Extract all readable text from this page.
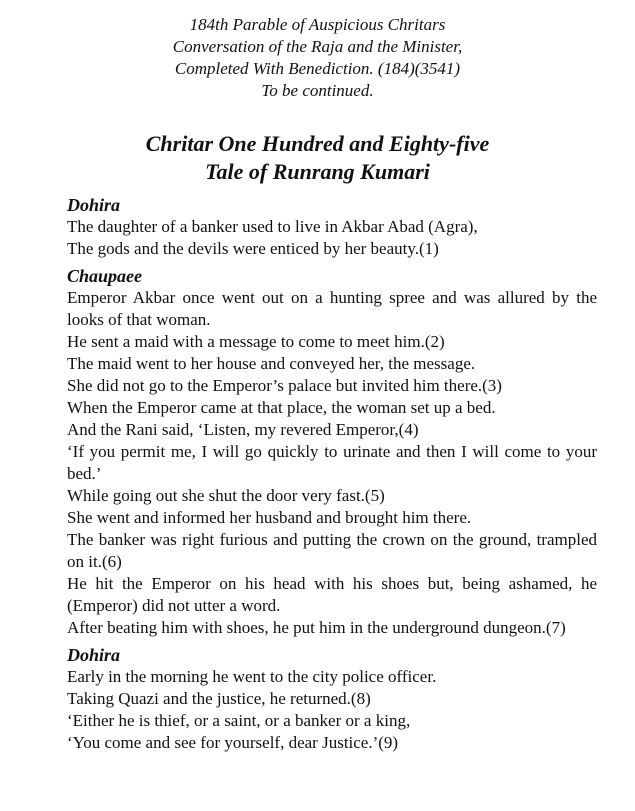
184th Parable of Auspicious Chritars
Conversation of the Raja and the Minister,
Completed With Benediction. (184)(3541)
To be continued.
Chritar One Hundred and Eighty-five
Tale of Runrang Kumari
Dohira
The daughter of a banker used to live in Akbar Abad (Agra),
The gods and the devils were enticed by her beauty.(1)
Chaupaee
Emperor Akbar once went out on a hunting spree and was allured by the looks of that woman.
He sent a maid with a message to come to meet him.(2)
The maid went to her house and conveyed her, the message.
She did not go to the Emperor’s palace but invited him there.(3)
When the Emperor came at that place, the woman set up a bed.
And the Rani said, ‘Listen, my revered Emperor,(4)
‘If you permit me, I will go quickly to urinate and then I will come to your bed.’
While going out she shut the door very fast.(5)
She went and informed her husband and brought him there.
The banker was right furious and putting the crown on the ground, trampled on it.(6)
He hit the Emperor on his head with his shoes but, being ashamed, he (Emperor) did not utter a word.
After beating him with shoes, he put him in the underground dungeon.(7)
Dohira
Early in the morning he went to the city police officer.
Taking Quazi and the justice, he returned.(8)
‘Either he is thief, or a saint, or a banker or a king,
‘You come and see for yourself, dear Justice.’(9)
